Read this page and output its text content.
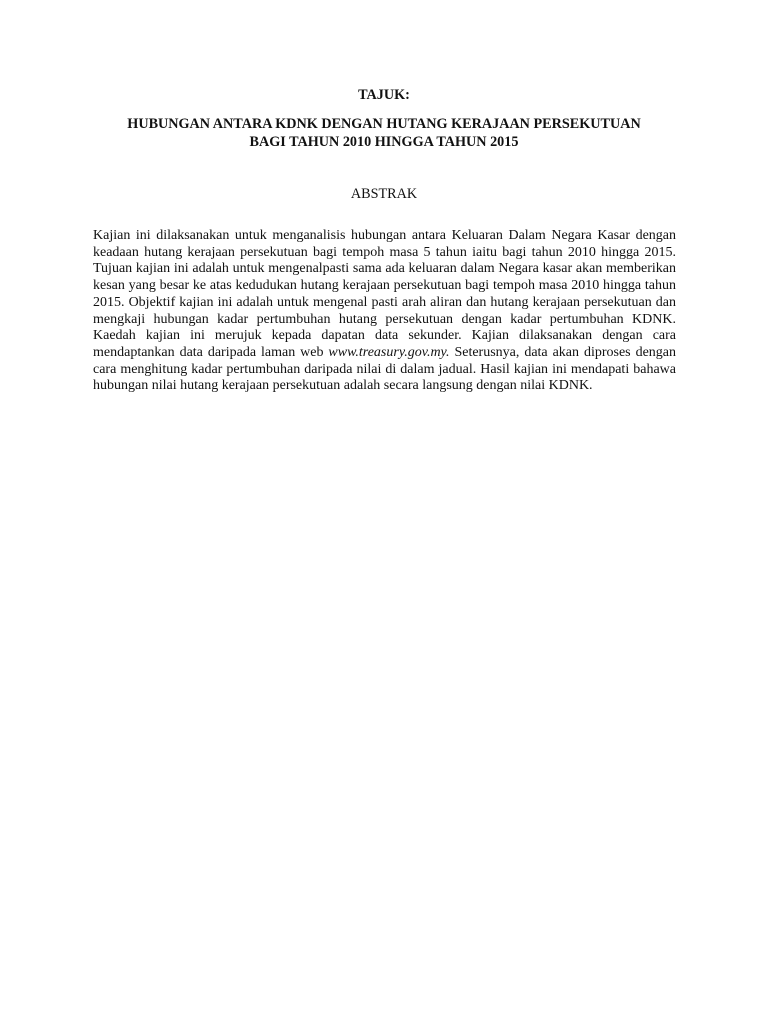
TAJUK:
HUBUNGAN ANTARA KDNK DENGAN HUTANG KERAJAAN PERSEKUTUAN
BAGI TAHUN 2010 HINGGA TAHUN 2015
ABSTRAK

Kajian ini dilaksanakan untuk menganalisis hubungan antara Keluaran Dalam Negara Kasar dengan keadaan hutang kerajaan persekutuan bagi tempoh masa 5 tahun iaitu bagi tahun 2010 hingga 2015. Tujuan kajian ini adalah untuk mengenalpasti sama ada keluaran dalam Negara kasar akan memberikan kesan yang besar ke atas kedudukan hutang kerajaan persekutuan bagi tempoh masa 2010 hingga tahun 2015. Objektif kajian ini adalah untuk mengenal pasti arah aliran dan hutang kerajaan persekutuan dan mengkaji hubungan kadar pertumbuhan hutang persekutuan dengan kadar pertumbuhan KDNK. Kaedah kajian ini merujuk kepada dapatan data sekunder. Kajian dilaksanakan dengan cara mendaptankan data daripada laman web www.treasury.gov.my. Seterusnya, data akan diproses dengan cara menghitung kadar pertumbuhan daripada nilai di dalam jadual. Hasil kajian ini mendapati bahawa hubungan nilai hutang kerajaan persekutuan adalah secara langsung dengan nilai KDNK.
